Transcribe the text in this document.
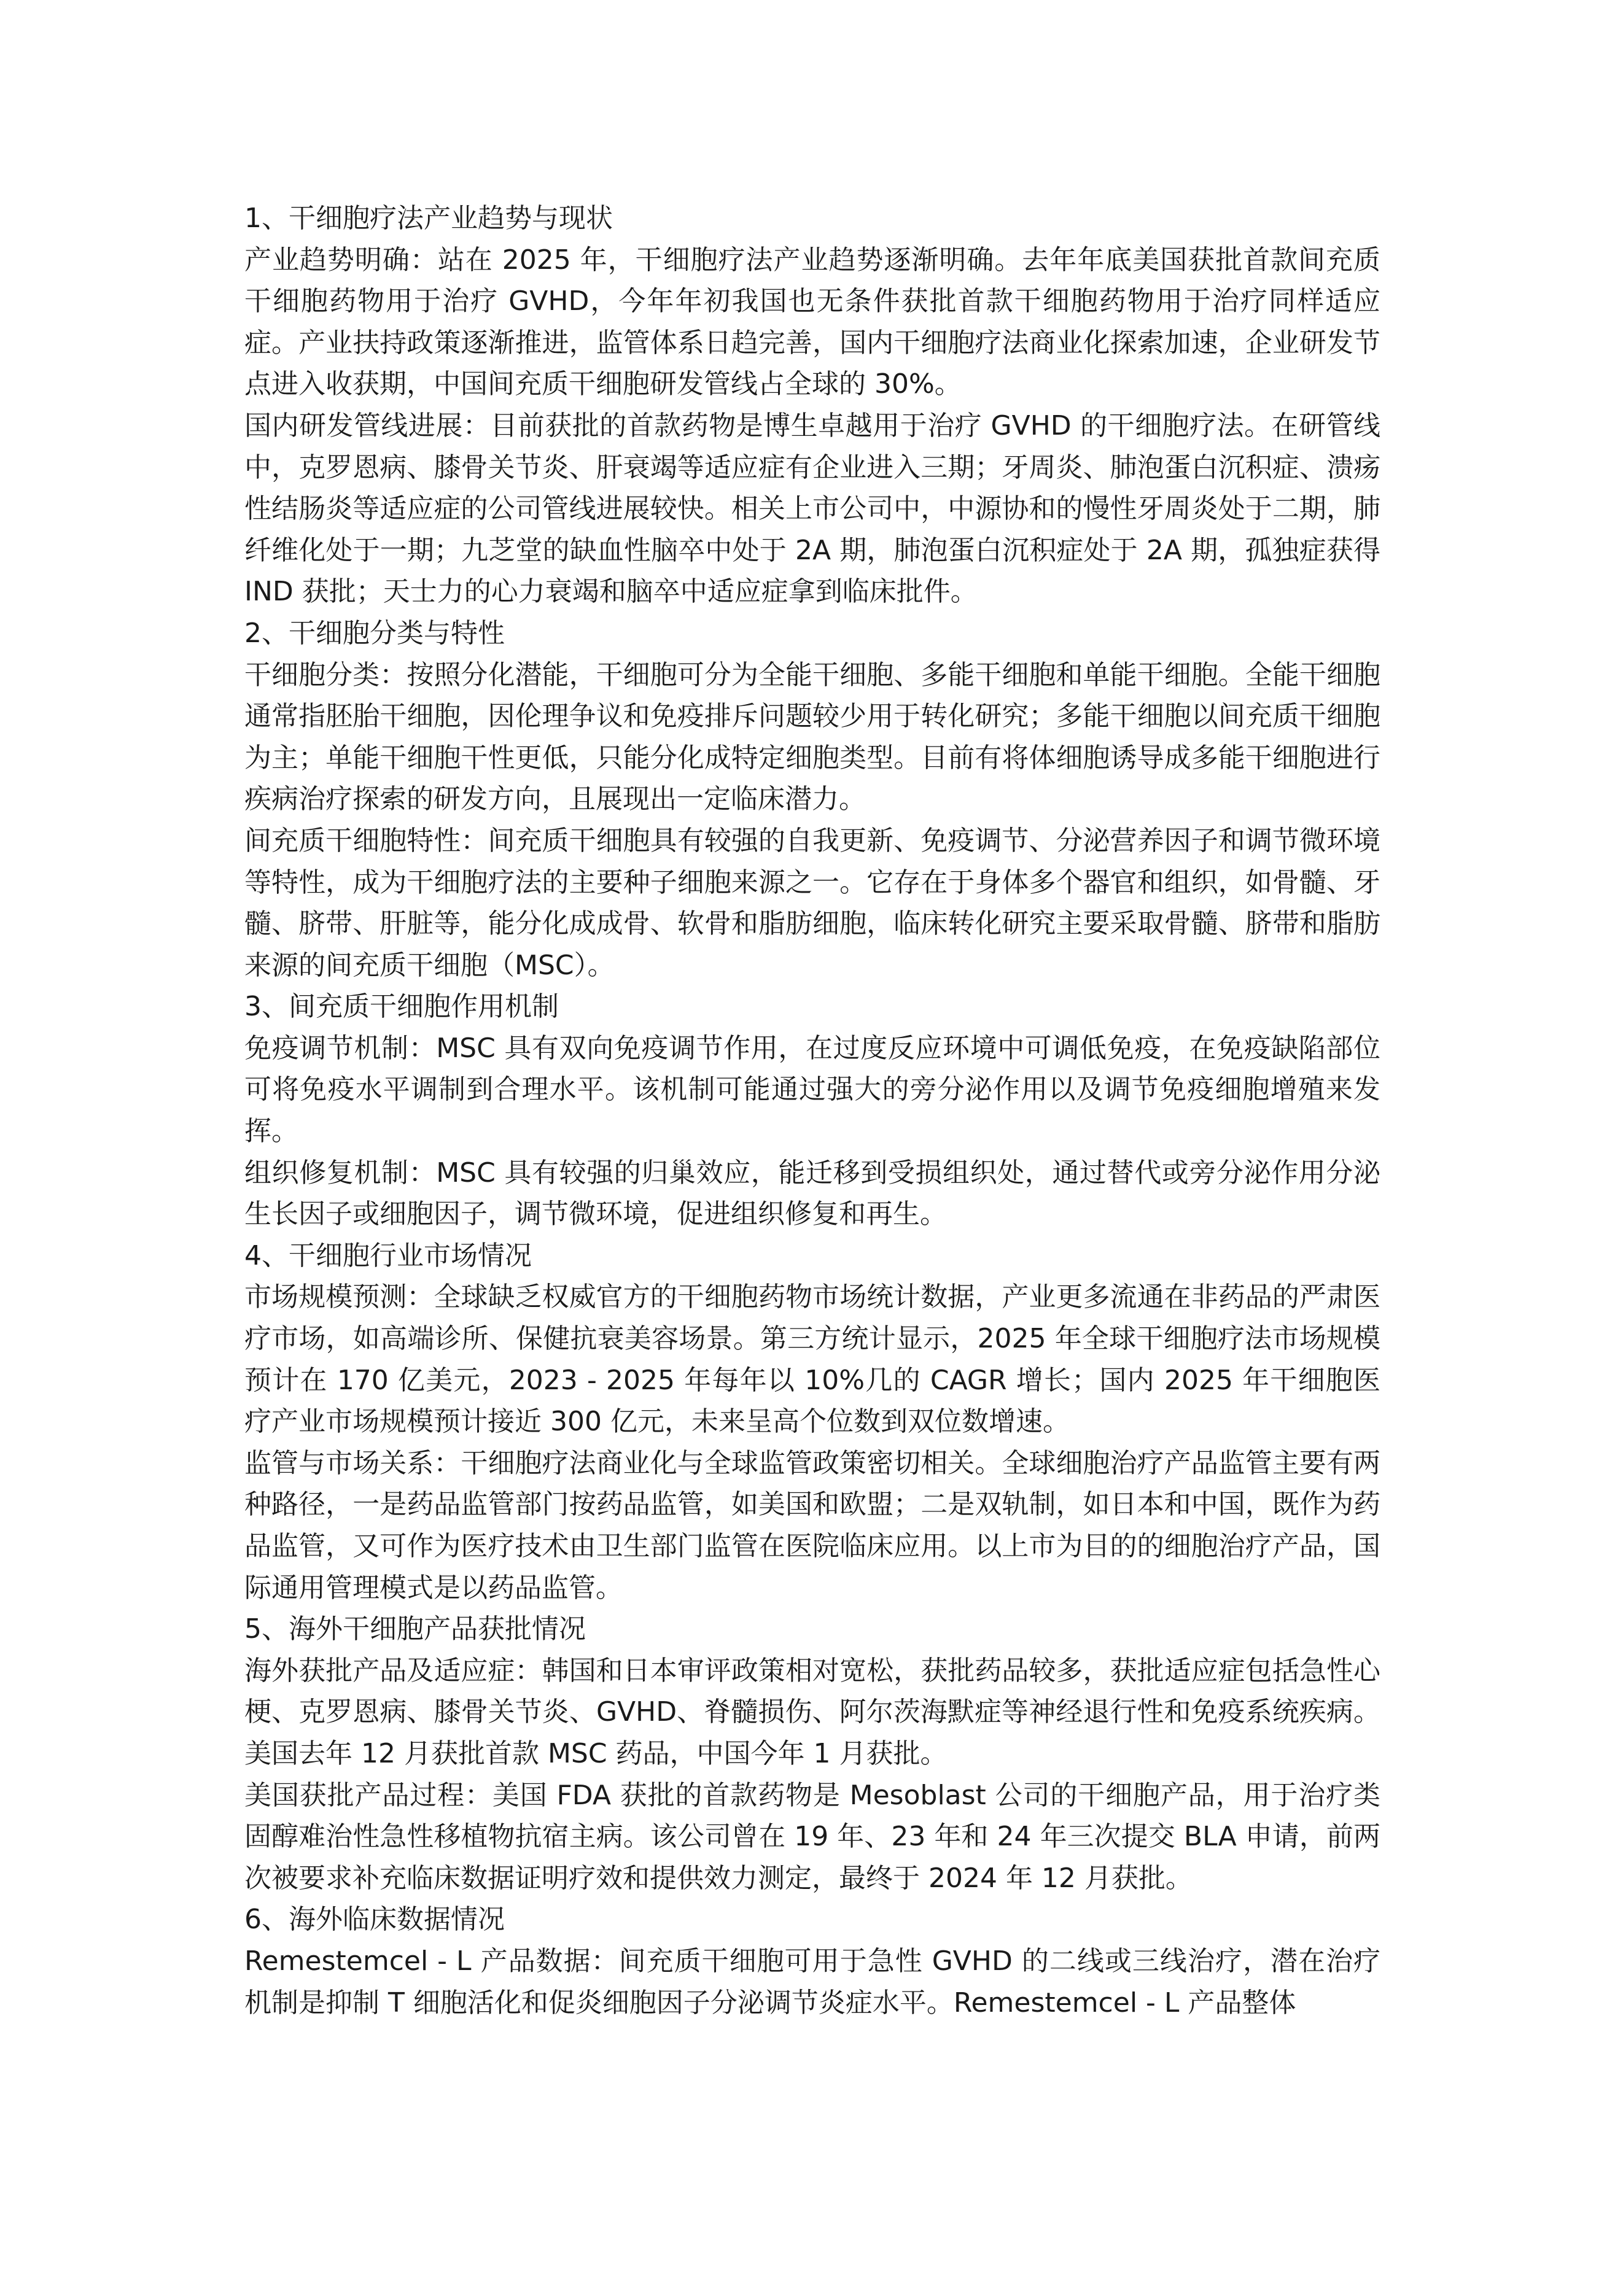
1、干细胞疗法产业趋势与现状

产业趋势明确：站在 2025 年，干细胞疗法产业趋势逐渐明确。去年年底美国获批首款间充质干细胞药物用于治疗 GVHD，今年年初我国也无条件获批首款干细胞药物用于治疗同样适应症。产业扶持政策逐渐推进，监管体系日趋完善，国内干细胞疗法商业化探索加速，企业研发节点进入收获期，中国间充质干细胞研发管线占全球的 30%。

国内研发管线进展：目前获批的首款药物是博生卓越用于治疗 GVHD 的干细胞疗法。在研管线中，克罗恩病、膝骨关节炎、肝衰竭等适应症有企业进入三期；牙周炎、肺泡蛋白沉积症、溃疡性结肠炎等适应症的公司管线进展较快。相关上市公司中，中源协和的慢性牙周炎处于二期，肺纤维化处于一期；九芝堂的缺血性脑卒中处于 2A 期，肺泡蛋白沉积症处于 2A 期，孤独症获得 IND 获批；天士力的心力衰竭和脑卒中适应症拿到临床批件。

2、干细胞分类与特性

干细胞分类：按照分化潜能，干细胞可分为全能干细胞、多能干细胞和单能干细胞。全能干细胞通常指胚胎干细胞，因伦理争议和免疫排斥问题较少用于转化研究；多能干细胞以间充质干细胞为主；单能干细胞干性更低，只能分化成特定细胞类型。目前有将体细胞诱导成多能干细胞进行疾病治疗探索的研发方向，且展现出一定临床潜力。

间充质干细胞特性：间充质干细胞具有较强的自我更新、免疫调节、分泌营养因子和调节微环境等特性，成为干细胞疗法的主要种子细胞来源之一。它存在于身体多个器官和组织，如骨髓、牙髓、脐带、肝脏等，能分化成成骨、软骨和脂肪细胞，临床转化研究主要采取骨髓、脐带和脂肪来源的间充质干细胞（MSC）。

3、间充质干细胞作用机制

免疫调节机制：MSC 具有双向免疫调节作用，在过度反应环境中可调低免疫，在免疫缺陷部位可将免疫水平调制到合理水平。该机制可能通过强大的旁分泌作用以及调节免疫细胞增殖来发挥。

组织修复机制：MSC 具有较强的归巢效应，能迁移到受损组织处，通过替代或旁分泌作用分泌生长因子或细胞因子，调节微环境，促进组织修复和再生。

4、干细胞行业市场情况

市场规模预测：全球缺乏权威官方的干细胞药物市场统计数据，产业更多流通在非药品的严肃医疗市场，如高端诊所、保健抗衰美容场景。第三方统计显示，2025 年全球干细胞疗法市场规模预计在 170 亿美元，2023 - 2025 年每年以 10%几的 CAGR 增长；国内 2025 年干细胞医疗产业市场规模预计接近 300 亿元，未来呈高个位数到双位数增速。

监管与市场关系：干细胞疗法商业化与全球监管政策密切相关。全球细胞治疗产品监管主要有两种路径，一是药品监管部门按药品监管，如美国和欧盟；二是双轨制，如日本和中国，既作为药品监管，又可作为医疗技术由卫生部门监管在医院临床应用。以上市为目的的细胞治疗产品，国际通用管理模式是以药品监管。

5、海外干细胞产品获批情况

海外获批产品及适应症：韩国和日本审评政策相对宽松，获批药品较多，获批适应症包括急性心梗、克罗恩病、膝骨关节炎、GVHD、脊髓损伤、阿尔茨海默症等神经退行性和免疫系统疾病。美国去年 12 月获批首款 MSC 药品，中国今年 1 月获批。

美国获批产品过程：美国 FDA 获批的首款药物是 Mesoblast 公司的干细胞产品，用于治疗类固醇难治性急性移植物抗宿主病。该公司曾在 19 年、23 年和 24 年三次提交 BLA 申请，前两次被要求补充临床数据证明疗效和提供效力测定，最终于 2024 年 12 月获批。

6、海外临床数据情况

Remestemcel - L 产品数据：间充质干细胞可用于急性 GVHD 的二线或三线治疗，潜在治疗机制是抑制 T 细胞活化和促炎细胞因子分泌调节炎症水平。Remestemcel - L 产品整体
